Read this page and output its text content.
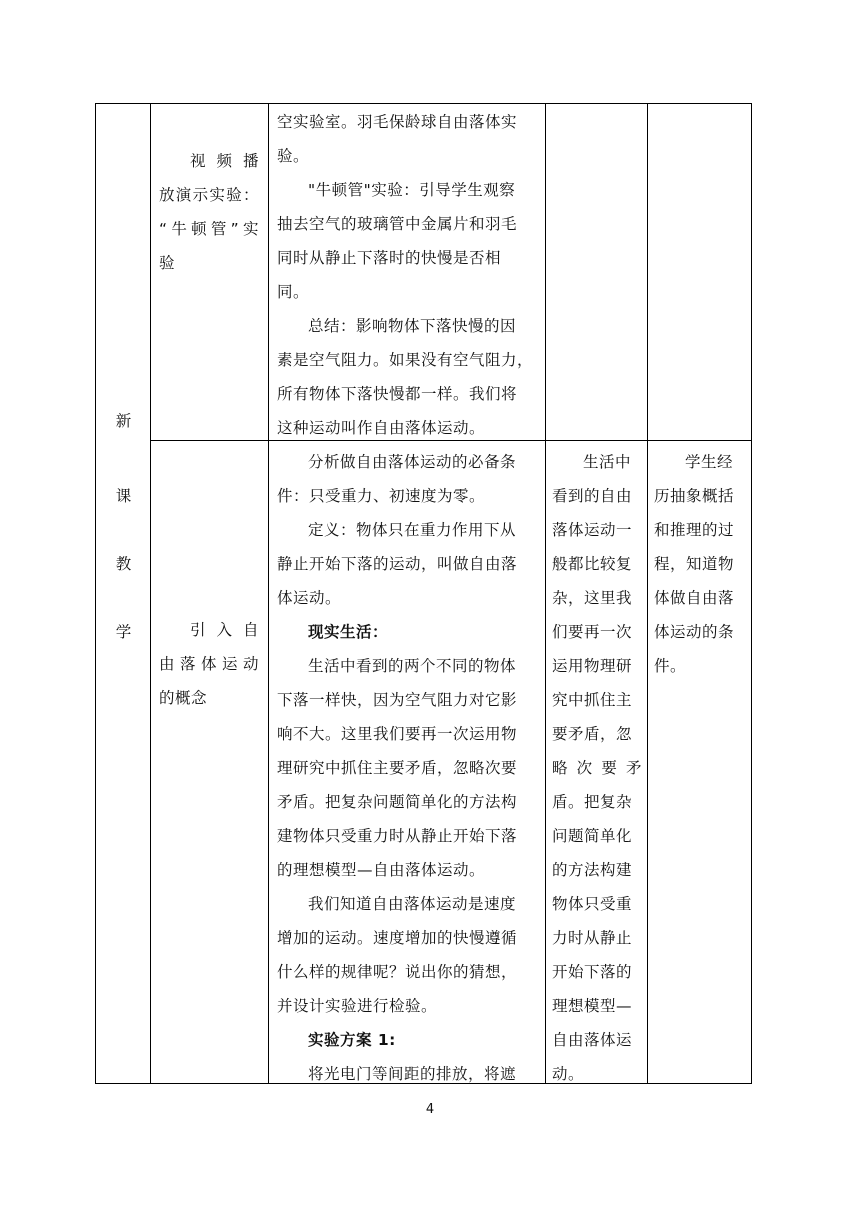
新
课
教
学

视频播

放演示实验：

“牛顿管”实

验

空实验室。羽毛保龄球自由落体实

验。

"牛顿管"实验：引导学生观察

抽去空气的玻璃管中金属片和羽毛

同时从静止下落时的快慢是否相

同。

总结：影响物体下落快慢的因

素是空气阻力。如果没有空气阻力，

所有物体下落快慢都一样。我们将

这种运动叫作自由落体运动。

引入自

由落体运动

的概念

分析做自由落体运动的必备条

件：只受重力、初速度为零。

定义：物体只在重力作用下从

静止开始下落的运动，叫做自由落

体运动。

现实生活：

生活中看到的两个不同的物体

下落一样快，因为空气阻力对它影

响不大。这里我们要再一次运用物

理研究中抓住主要矛盾，忽略次要

矛盾。把复杂问题简单化的方法构

建物体只受重力时从静止开始下落

的理想模型—自由落体运动。

我们知道自由落体运动是速度

增加的运动。速度增加的快慢遵循

什么样的规律呢？说出你的猜想，

并设计实验进行检验。

实验方案 1:

将光电门等间距的排放，将遮

生活中

看到的自由

落体运动一

般都比较复

杂，这里我

们要再一次

运用物理研

究中抓住主

要矛盾，忽

略次要矛

盾。把复杂

问题简单化

的方法构建

物体只受重

力时从静止

开始下落的

理想模型—

自由落体运

动。

学生经

历抽象概括

和推理的过

程，知道物

体做自由落

体运动的条

件。

4
